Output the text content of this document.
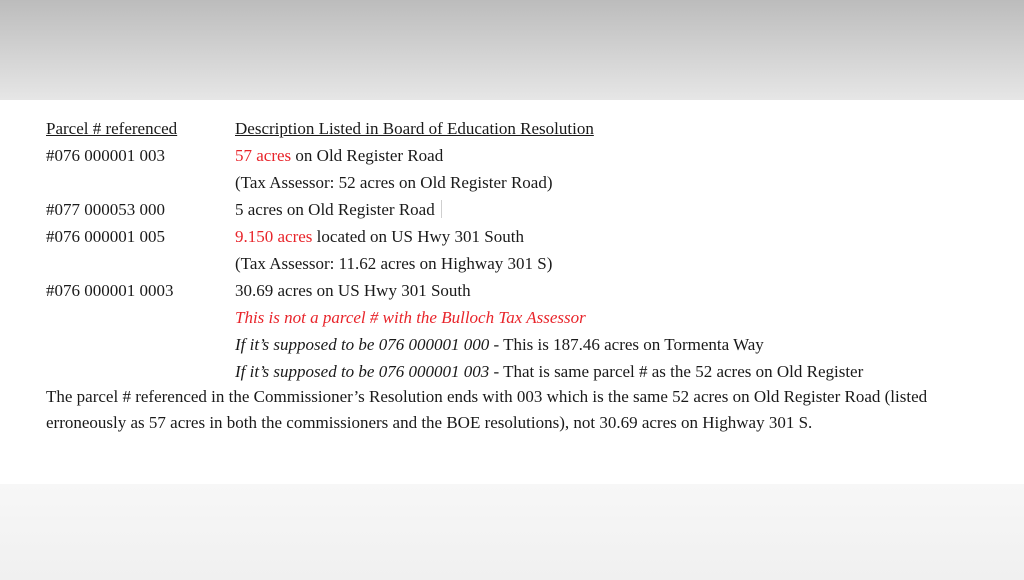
Parcel # referenced	Description Listed in Board of Education Resolution
#076 000001 003	57 acres on Old Register Road
(Tax Assessor: 52 acres on Old Register Road)
#077 000053 000	5 acres on Old Register Road
#076 000001 005	9.150 acres located on US Hwy 301 South
(Tax Assessor: 11.62 acres on Highway 301 S)
#076 000001 0003	30.69 acres on US Hwy 301 South
This is not a parcel # with the Bulloch Tax Assessor
If it’s supposed to be 076 000001 000 - This is 187.46 acres on Tormenta Way
If it’s supposed to be 076 000001 003 - That is same parcel # as the 52 acres on Old Register
The parcel # referenced in the Commissioner’s Resolution ends with 003 which is the same 52 acres on Old Register Road (listed erroneously as 57 acres in both the commissioners and the BOE resolutions), not 30.69 acres on Highway 301 S.
